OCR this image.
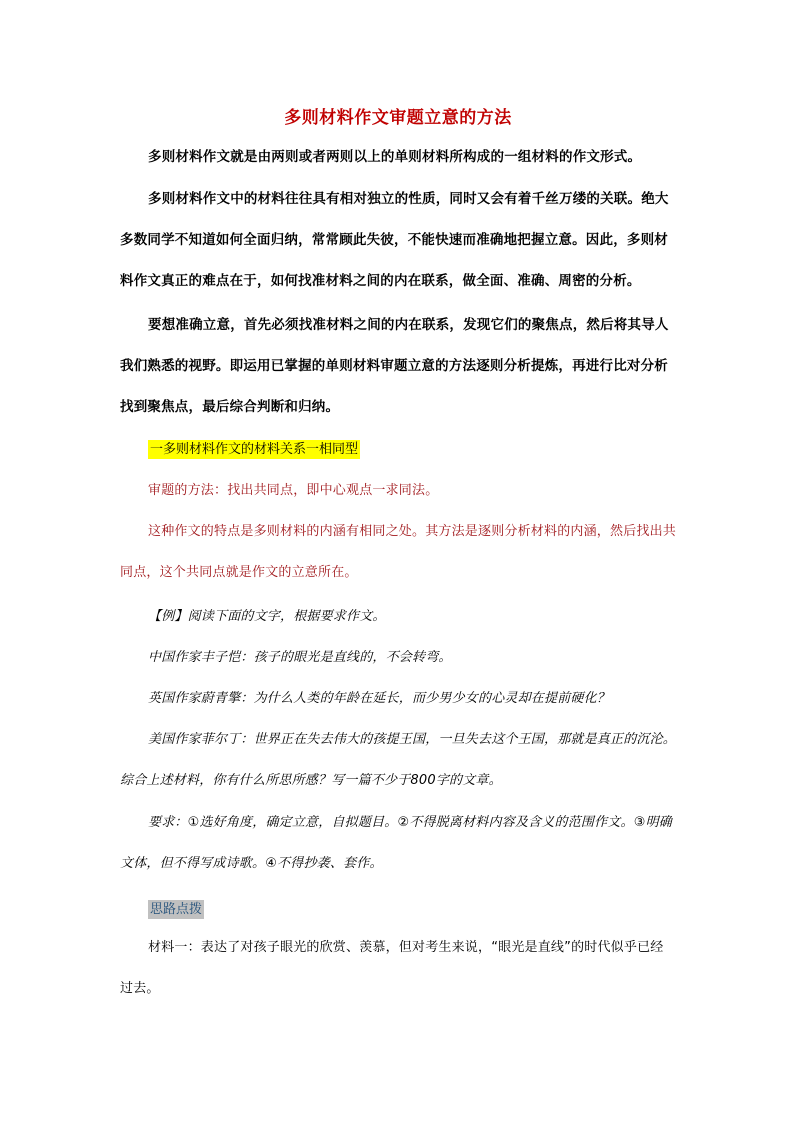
多则材料作文审题立意的方法
多则材料作文就是由两则或者两则以上的单则材料所构成的一组材料的作文形式。
多则材料作文中的材料往往具有相对独立的性质，同时又会有着千丝万缕的关联。绝大多数同学不知道如何全面归纳，常常顾此失彼，不能快速而准确地把握立意。因此，多则材料作文真正的难点在于，如何找准材料之间的内在联系，做全面、准确、周密的分析。
要想准确立意，首先必须找准材料之间的内在联系，发现它们的聚焦点，然后将其导人我们熟悉的视野。即运用已掌握的单则材料审题立意的方法逐则分析提炼，再进行比对分析找到聚焦点，最后综合判断和归纳。
一多则材料作文的材料关系一相同型
审题的方法：找出共同点，即中心观点一求同法。
这种作文的特点是多则材料的内涵有相同之处。其方法是逐则分析材料的内涵，然后找出共同点，这个共同点就是作文的立意所在。
【例】阅读下面的文字，根据要求作文。
中国作家丰子恺：孩子的眼光是直线的，不会转弯。
英国作家蔚青擎：为什么人类的年龄在延长，而少男少女的心灵却在提前硬化？
美国作家菲尔丁：世界正在失去伟大的孩提王国，一旦失去这个王国，那就是真正的沉沦。综合上述材料，你有什么所思所感？写一篇不少于800字的文章。
要求：①选好角度，确定立意，自拟题目。②不得脱离材料内容及含义的范围作文。③明确文体，但不得写成诗歌。④不得抄袭、套作。
思路点拨
材料一：表达了对孩子眼光的欣赏、羡慕，但对考生来说，“眼光是直线”的时代似乎已经过去。
